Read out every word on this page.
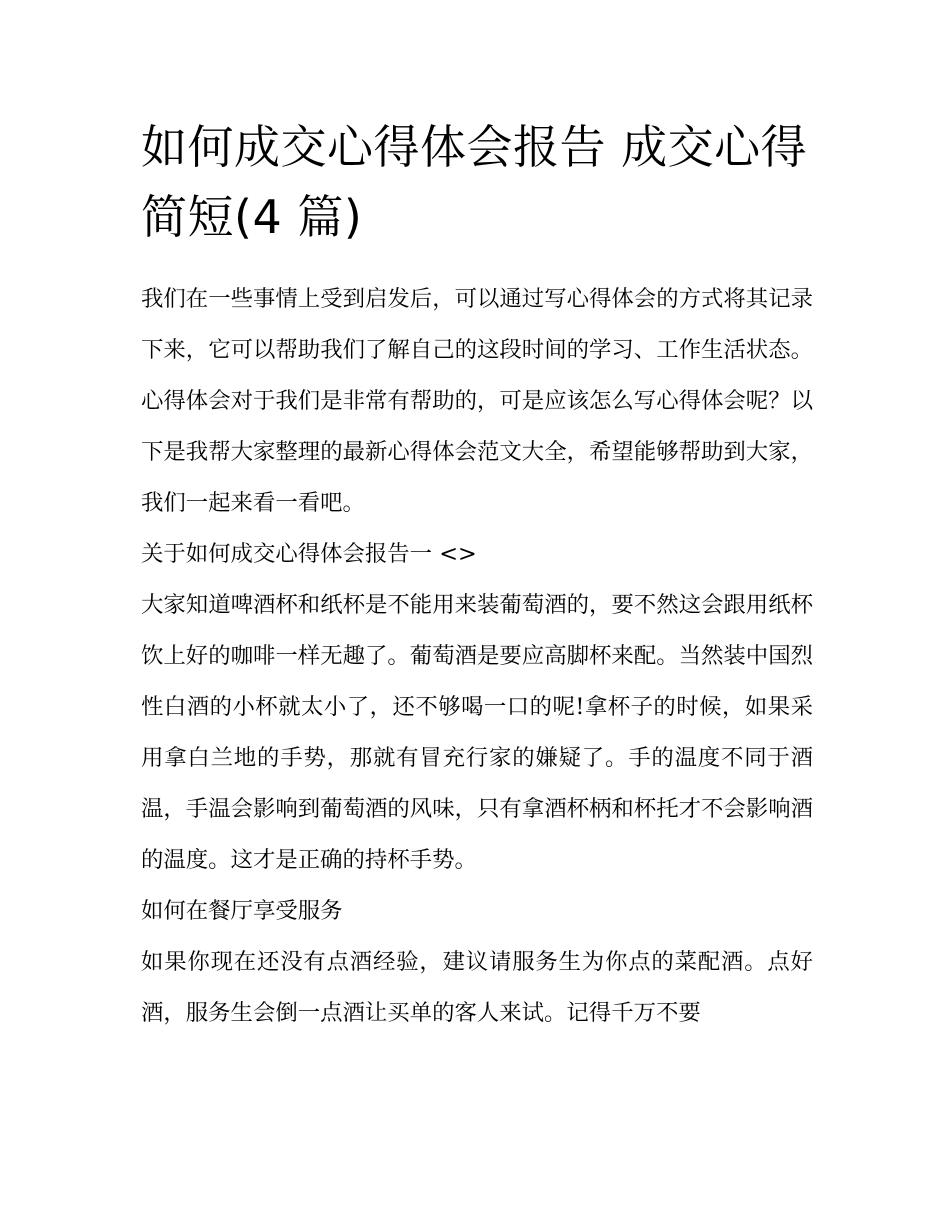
如何成交心得体会报告 成交心得简短(4 篇)

我们在一些事情上受到启发后，可以通过写心得体会的方式将其记录下来，它可以帮助我们了解自己的这段时间的学习、工作生活状态。心得体会对于我们是非常有帮助的，可是应该怎么写心得体会呢？以下是我帮大家整理的最新心得体会范文大全，希望能够帮助到大家，我们一起来看一看吧。

关于如何成交心得体会报告一 <>

大家知道啤酒杯和纸杯是不能用来装葡萄酒的，要不然这会跟用纸杯饮上好的咖啡一样无趣了。葡萄酒是要应高脚杯来配。当然装中国烈性白酒的小杯就太小了，还不够喝一口的呢!拿杯子的时候，如果采用拿白兰地的手势，那就有冒充行家的嫌疑了。手的温度不同于酒温，手温会影响到葡萄酒的风味，只有拿酒杯柄和杯托才不会影响酒的温度。这才是正确的持杯手势。

如何在餐厅享受服务

如果你现在还没有点酒经验，建议请服务生为你点的菜配酒。点好酒，服务生会倒一点酒让买单的客人来试。记得千万不要
